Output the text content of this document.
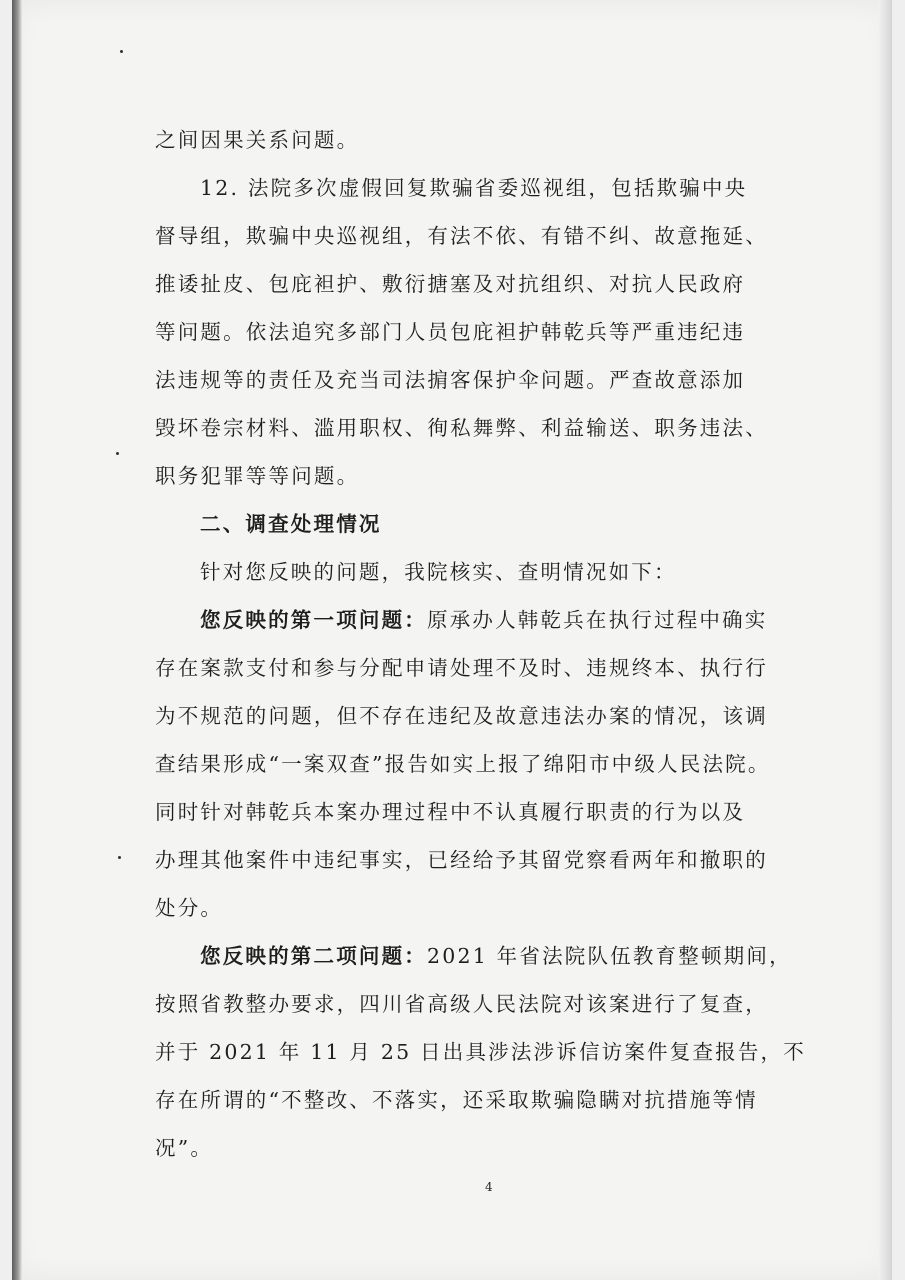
之间因果关系问题。
12. 法院多次虚假回复欺骗省委巡视组，包括欺骗中央
督导组，欺骗中央巡视组，有法不依、有错不纠、故意拖延、
推诿扯皮、包庇袒护、敷衍搪塞及对抗组织、对抗人民政府
等问题。依法追究多部门人员包庇袒护韩乾兵等严重违纪违
法违规等的责任及充当司法掮客保护伞问题。严查故意添加
毁坏卷宗材料、滥用职权、徇私舞弊、利益输送、职务违法、
职务犯罪等等问题。
二、调查处理情况
针对您反映的问题，我院核实、查明情况如下：
您反映的第一项问题：原承办人韩乾兵在执行过程中确实
存在案款支付和参与分配申请处理不及时、违规终本、执行行
为不规范的问题，但不存在违纪及故意违法办案的情况，该调
查结果形成“一案双查”报告如实上报了绵阳市中级人民法院。
同时针对韩乾兵本案办理过程中不认真履行职责的行为以及
办理其他案件中违纪事实，已经给予其留党察看两年和撤职的
处分。
您反映的第二项问题：2021 年省法院队伍教育整顿期间，
按照省教整办要求，四川省高级人民法院对该案进行了复查，
并于 2021 年 11 月 25 日出具涉法涉诉信访案件复查报告，不
存在所谓的“不整改、不落实，还采取欺骗隐瞒对抗措施等情
况”。
4
